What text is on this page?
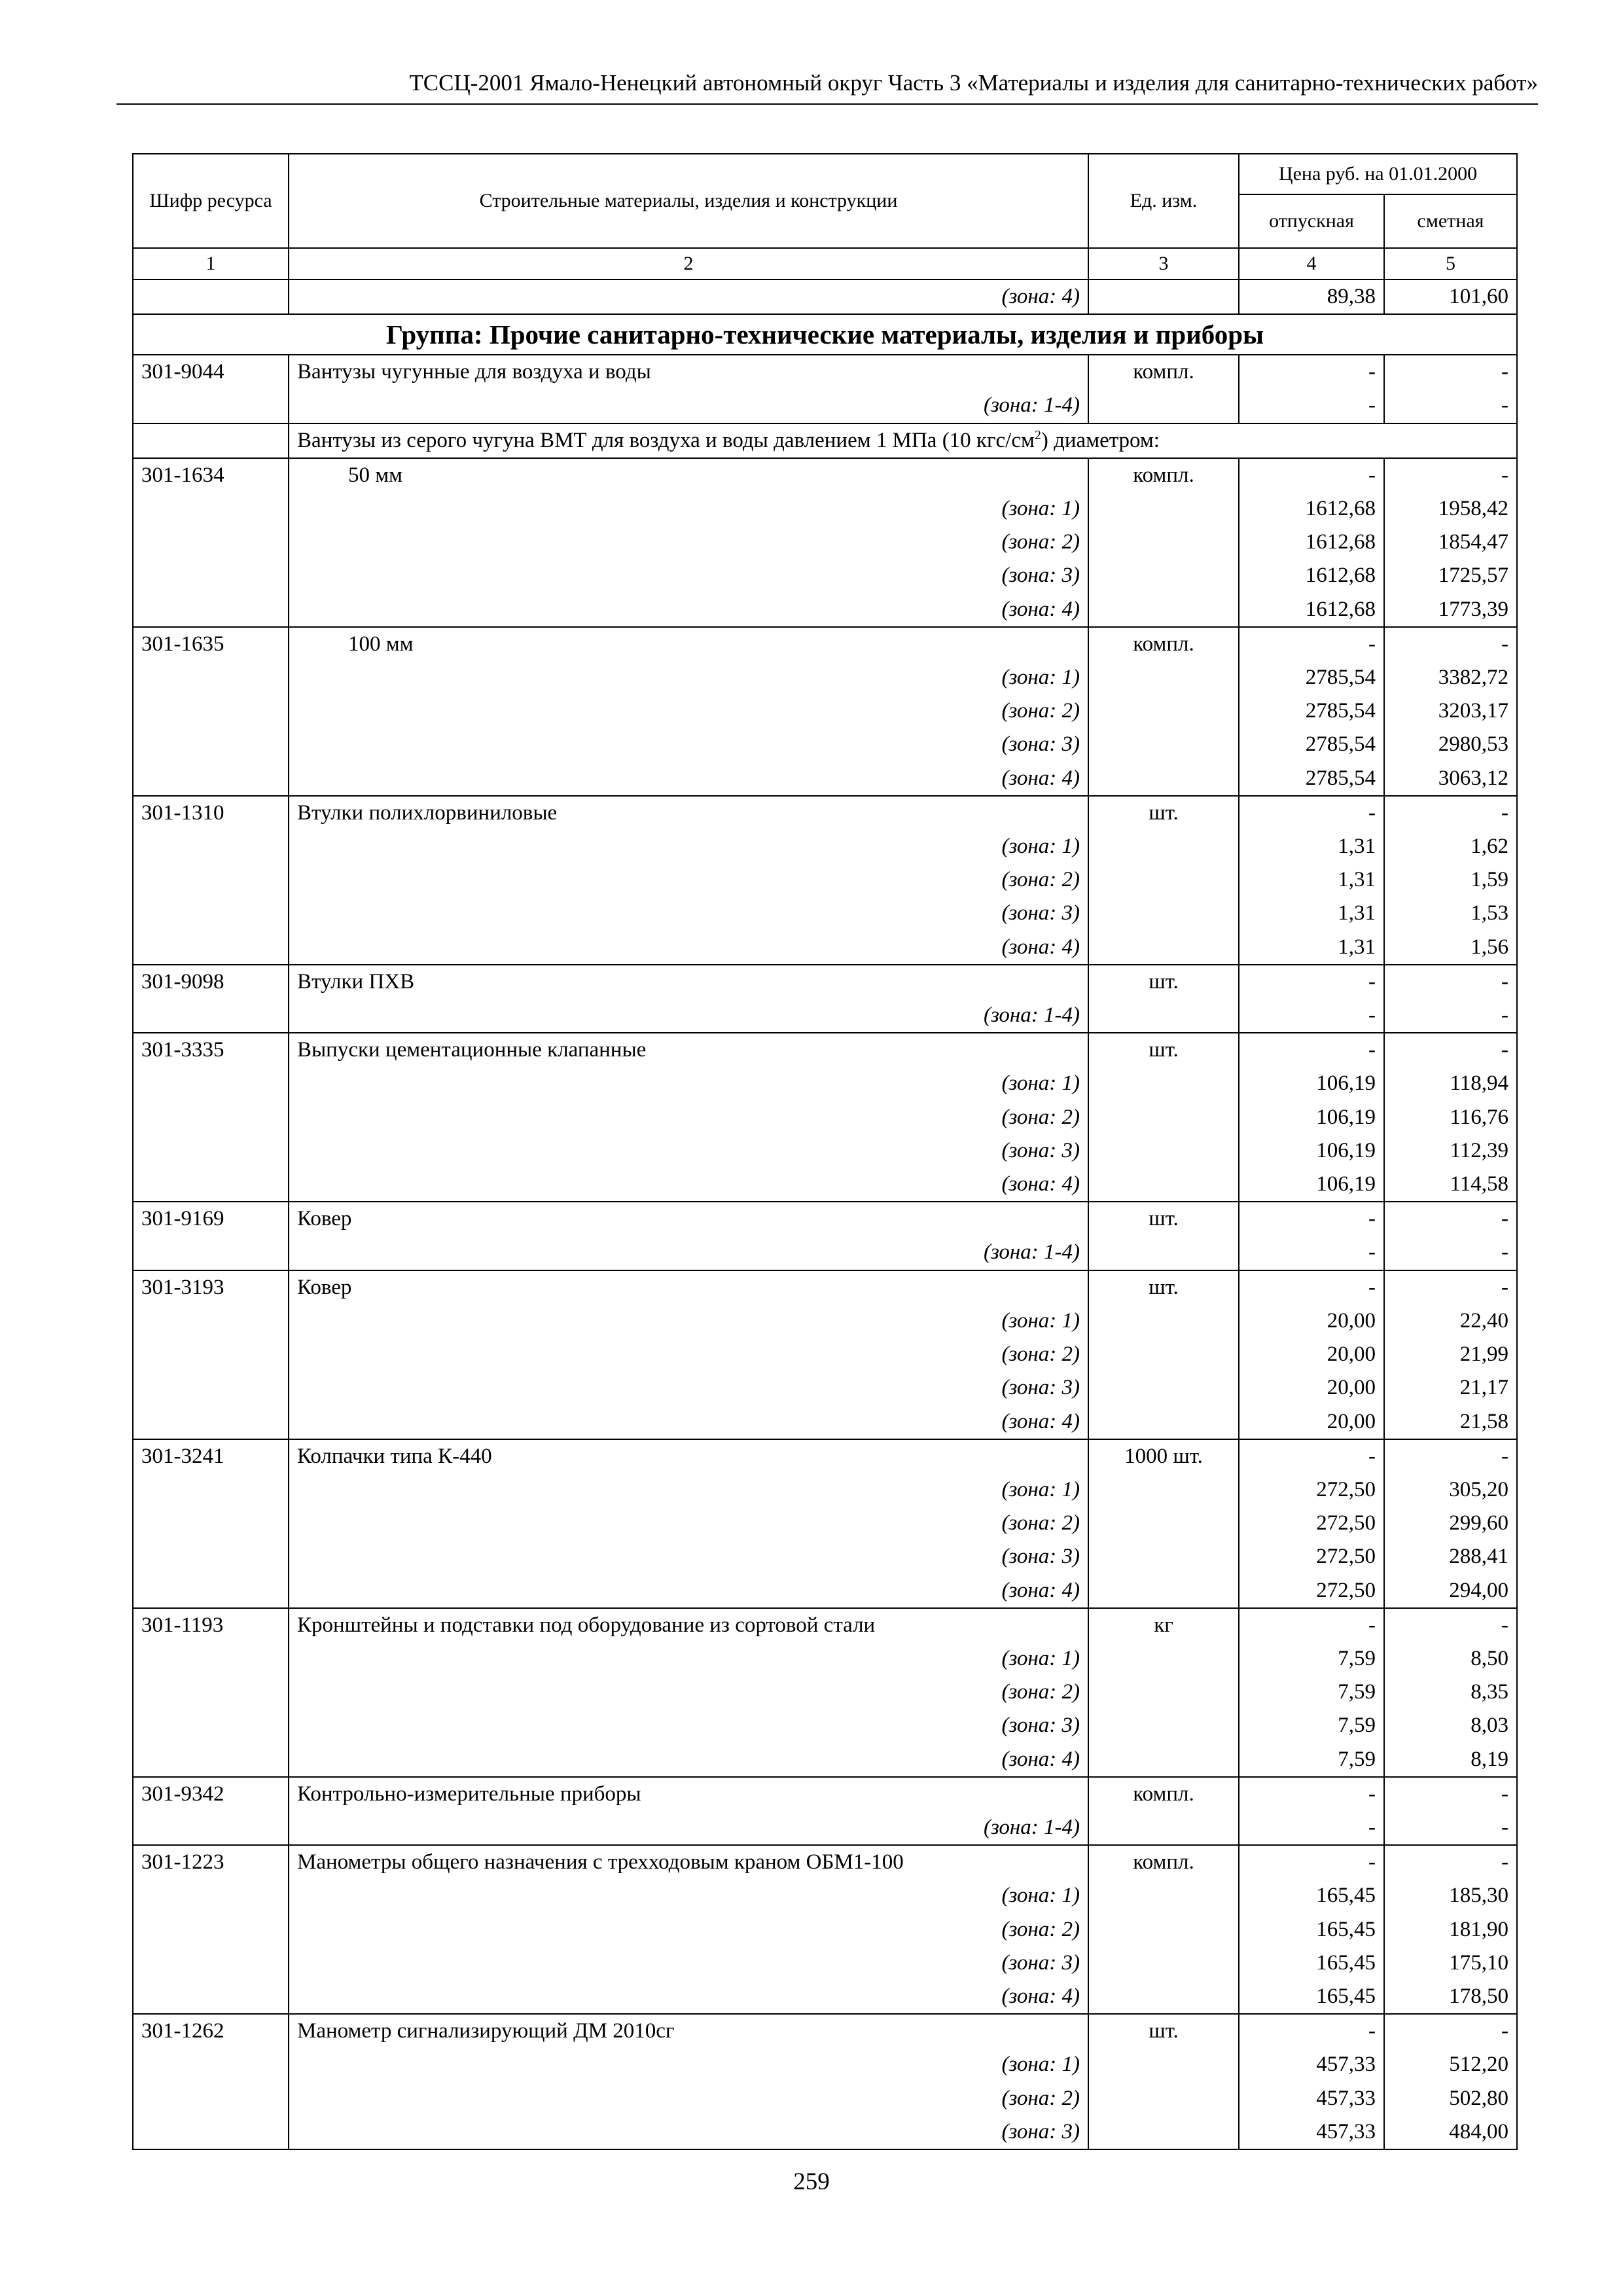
ТССЦ-2001 Ямало-Ненецкий автономный округ Часть 3 «Материалы и изделия для санитарно-технических работ»
Шифр ресурса	Строительные материалы, изделия и конструкции	Ед. изм.	Цена руб. на 01.01.2000	
			отпускная	сметная
1	2	3	4	5
	(зона: 4)		89,38	101,60
Группа: Прочие санитарно-технические материалы, изделия и приборы				
301-9044	Вантузы чугунные для воздуха и воды	компл.	-	-
	(зона: 1-4)		-	-
	Вантузы из серого чугуна ВМТ для воздуха и воды давлением 1 МПа (10 кгс/$см^2$) диаметром:			
301-1634	50 мм	компл.	-	-
	(зона: 1)		1612,68	1958,42
	(зона: 2)		1612,68	1854,47
	(зона: 3)		1612,68	1725,57
	(зона: 4)		1612,68	1773,39
301-1635	100 мм	компл.	-	-
	(зона: 1)		2785,54	3382,72
	(зона: 2)		2785,54	3203,17
	(зона: 3)		2785,54	2980,53
	(зона: 4)		2785,54	3063,12
301-1310	Втулки полихлорвиниловые	шт.	-	-
	(зона: 1)		1,31	1,62
	(зона: 2)		1,31	1,59
	(зона: 3)		1,31	1,53
	(зона: 4)		1,31	1,56
301-9098	Втулки ПХВ	шт.	-	-
	(зона: 1-4)		-	-
301-3335	Выпуски цементационные клапанные	шт.	-	-
	(зона: 1)		106,19	118,94
	(зона: 2)		106,19	116,76
	(зона: 3)		106,19	112,39
	(зона: 4)		106,19	114,58
301-9169	Ковер	шт.	-	-
	(зона: 1-4)		-	-
301-3193	Ковер	шт.	-	-
	(зона: 1)		20,00	22,40
	(зона: 2)		20,00	21,99
	(зона: 3)		20,00	21,17
	(зона: 4)		20,00	21,58
301-3241	Колпачки типа К-440	1000 шт.	-	-
	(зона: 1)		272,50	305,20
	(зона: 2)		272,50	299,60
	(зона: 3)		272,50	288,41
	(зона: 4)		272,50	294,00
301-1193	Кронштейны и подставки под оборудование из сортовой стали	кг	-	-
	(зона: 1)		7,59	8,50
	(зона: 2)		7,59	8,35
	(зона: 3)		7,59	8,03
	(зона: 4)		7,59	8,19
301-9342	Контрольно-измерительные приборы	компл.	-	-
	(зона: 1-4)		-	-
301-1223	Манометры общего назначения с трехходовым краном ОБМ1-100	компл.	-	-
	(зона: 1)		165,45	185,30
	(зона: 2)		165,45	181,90
	(зона: 3)		165,45	175,10
	(зона: 4)		165,45	178,50
301-1262	Манометр сигнализирующий ДМ 2010сг	шт.	-	-
	(зона: 1)		457,33	512,20
	(зона: 2)		457,33	502,80
	(зона: 3)		457,33	484,00
259
